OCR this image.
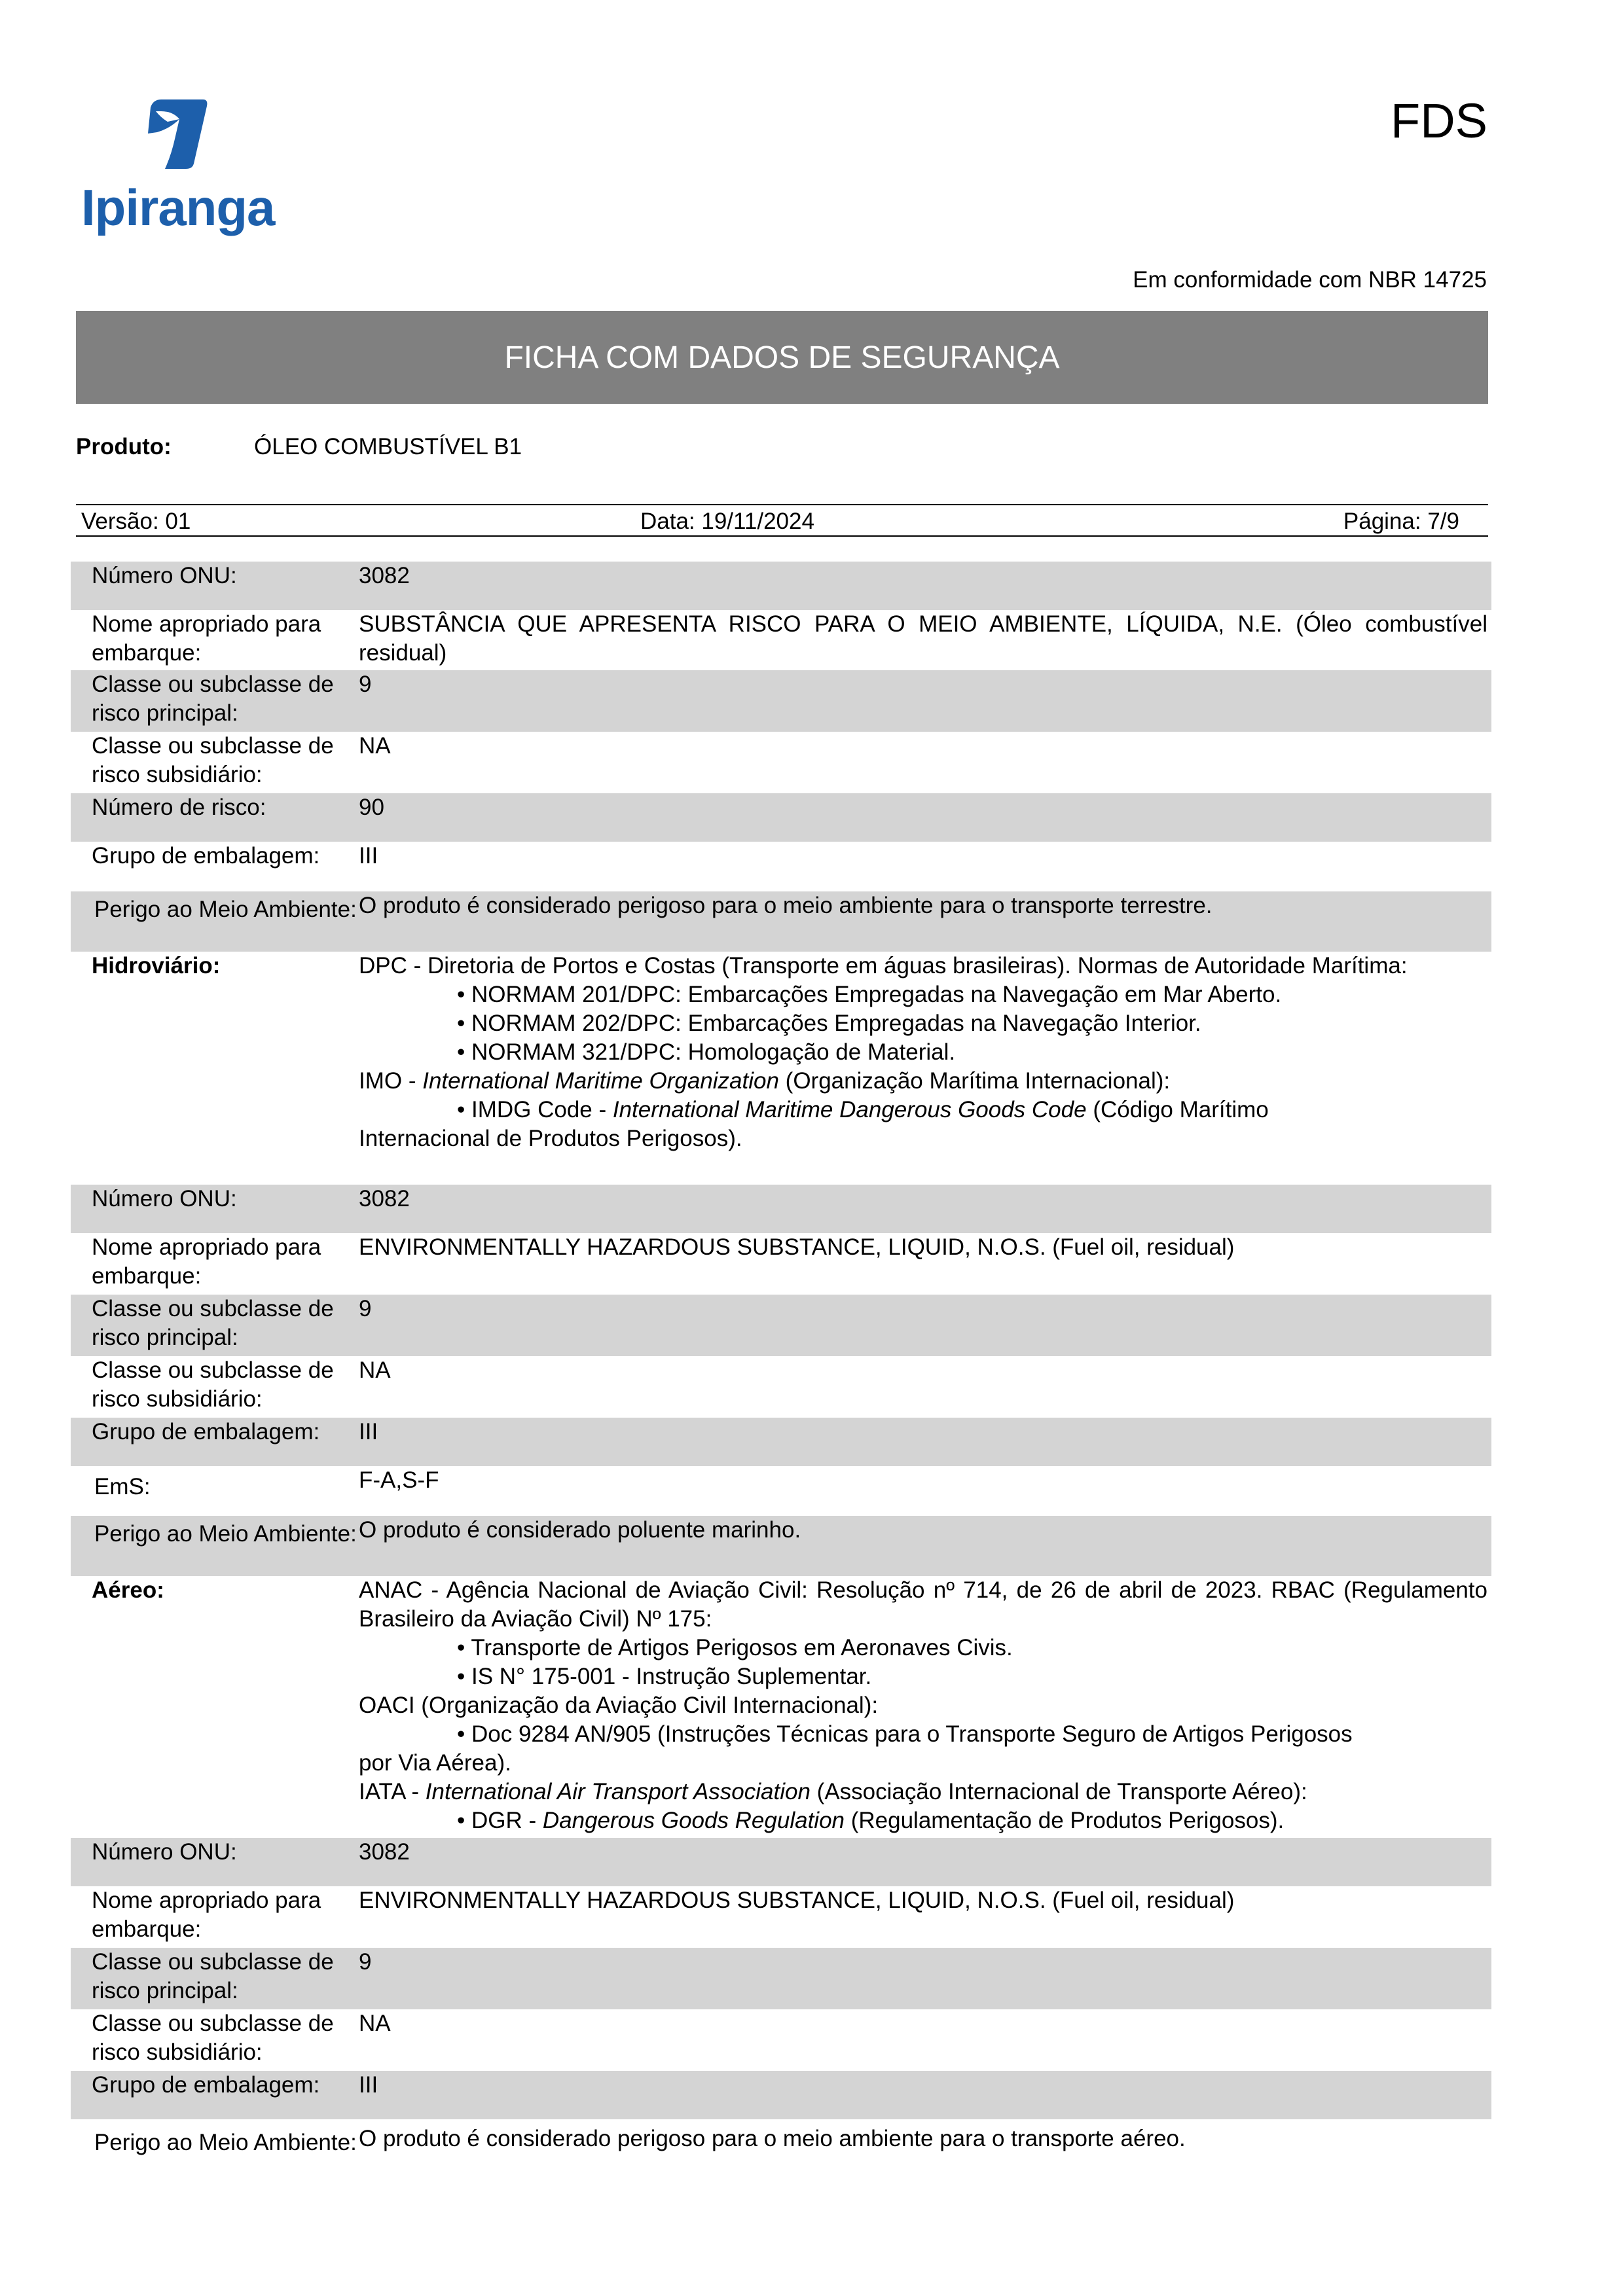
Ipiranga
FDS
Em conformidade com NBR 14725
FICHA COM DADOS DE SEGURANÇA
Produto:	ÓLEO COMBUSTÍVEL B1
Versão: 01	Data: 19/11/2024	Página: 7/9
Número ONU:	3082
Nome apropriado para embarque:
SUBSTÂNCIA QUE APRESENTA RISCO PARA O MEIO AMBIENTE, LÍQUIDA, N.E. (Óleo combustível residual)
Classe ou subclasse de risco principal:
9
Classe ou subclasse de risco subsidiário:
NA
Número de risco:	90
Grupo de embalagem:	III
Perigo ao Meio Ambiente: O produto é considerado perigoso para o meio ambiente para o transporte terrestre.
Hidroviário:	DPC - Diretoria de Portos e Costas (Transporte em águas brasileiras). Normas de Autoridade Marítima:
• NORMAM 201/DPC: Embarcações Empregadas na Navegação em Mar Aberto.
• NORMAM 202/DPC: Embarcações Empregadas na Navegação Interior.
• NORMAM 321/DPC: Homologação de Material.
IMO - International Maritime Organization (Organização Marítima Internacional):
• IMDG Code - International Maritime Dangerous Goods Code (Código Marítimo
Internacional de Produtos Perigosos).
Número ONU:	3082
Nome apropriado para embarque:
ENVIRONMENTALLY HAZARDOUS SUBSTANCE, LIQUID, N.O.S. (Fuel oil, residual)
Classe ou subclasse de risco principal:
9
Classe ou subclasse de risco subsidiário:
NA
Grupo de embalagem:	III
EmS:	F-A,S-F
Perigo ao Meio Ambiente: O produto é considerado poluente marinho.
Aéreo:	ANAC - Agência Nacional de Aviação Civil: Resolução nº 714, de 26 de abril de 2023. RBAC (Regulamento Brasileiro da Aviação Civil) Nº 175:
• Transporte de Artigos Perigosos em Aeronaves Civis.
• IS N° 175-001 - Instrução Suplementar.
OACI (Organização da Aviação Civil Internacional):
• Doc 9284 AN/905 (Instruções Técnicas para o Transporte Seguro de Artigos Perigosos
por Via Aérea).
IATA - International Air Transport Association (Associação Internacional de Transporte Aéreo):
• DGR - Dangerous Goods Regulation (Regulamentação de Produtos Perigosos).
Número ONU:	3082
Nome apropriado para embarque:
ENVIRONMENTALLY HAZARDOUS SUBSTANCE, LIQUID, N.O.S. (Fuel oil, residual)
Classe ou subclasse de risco principal:
9
Classe ou subclasse de risco subsidiário:
NA
Grupo de embalagem:	III
Perigo ao Meio Ambiente: O produto é considerado perigoso para o meio ambiente para o transporte aéreo.
